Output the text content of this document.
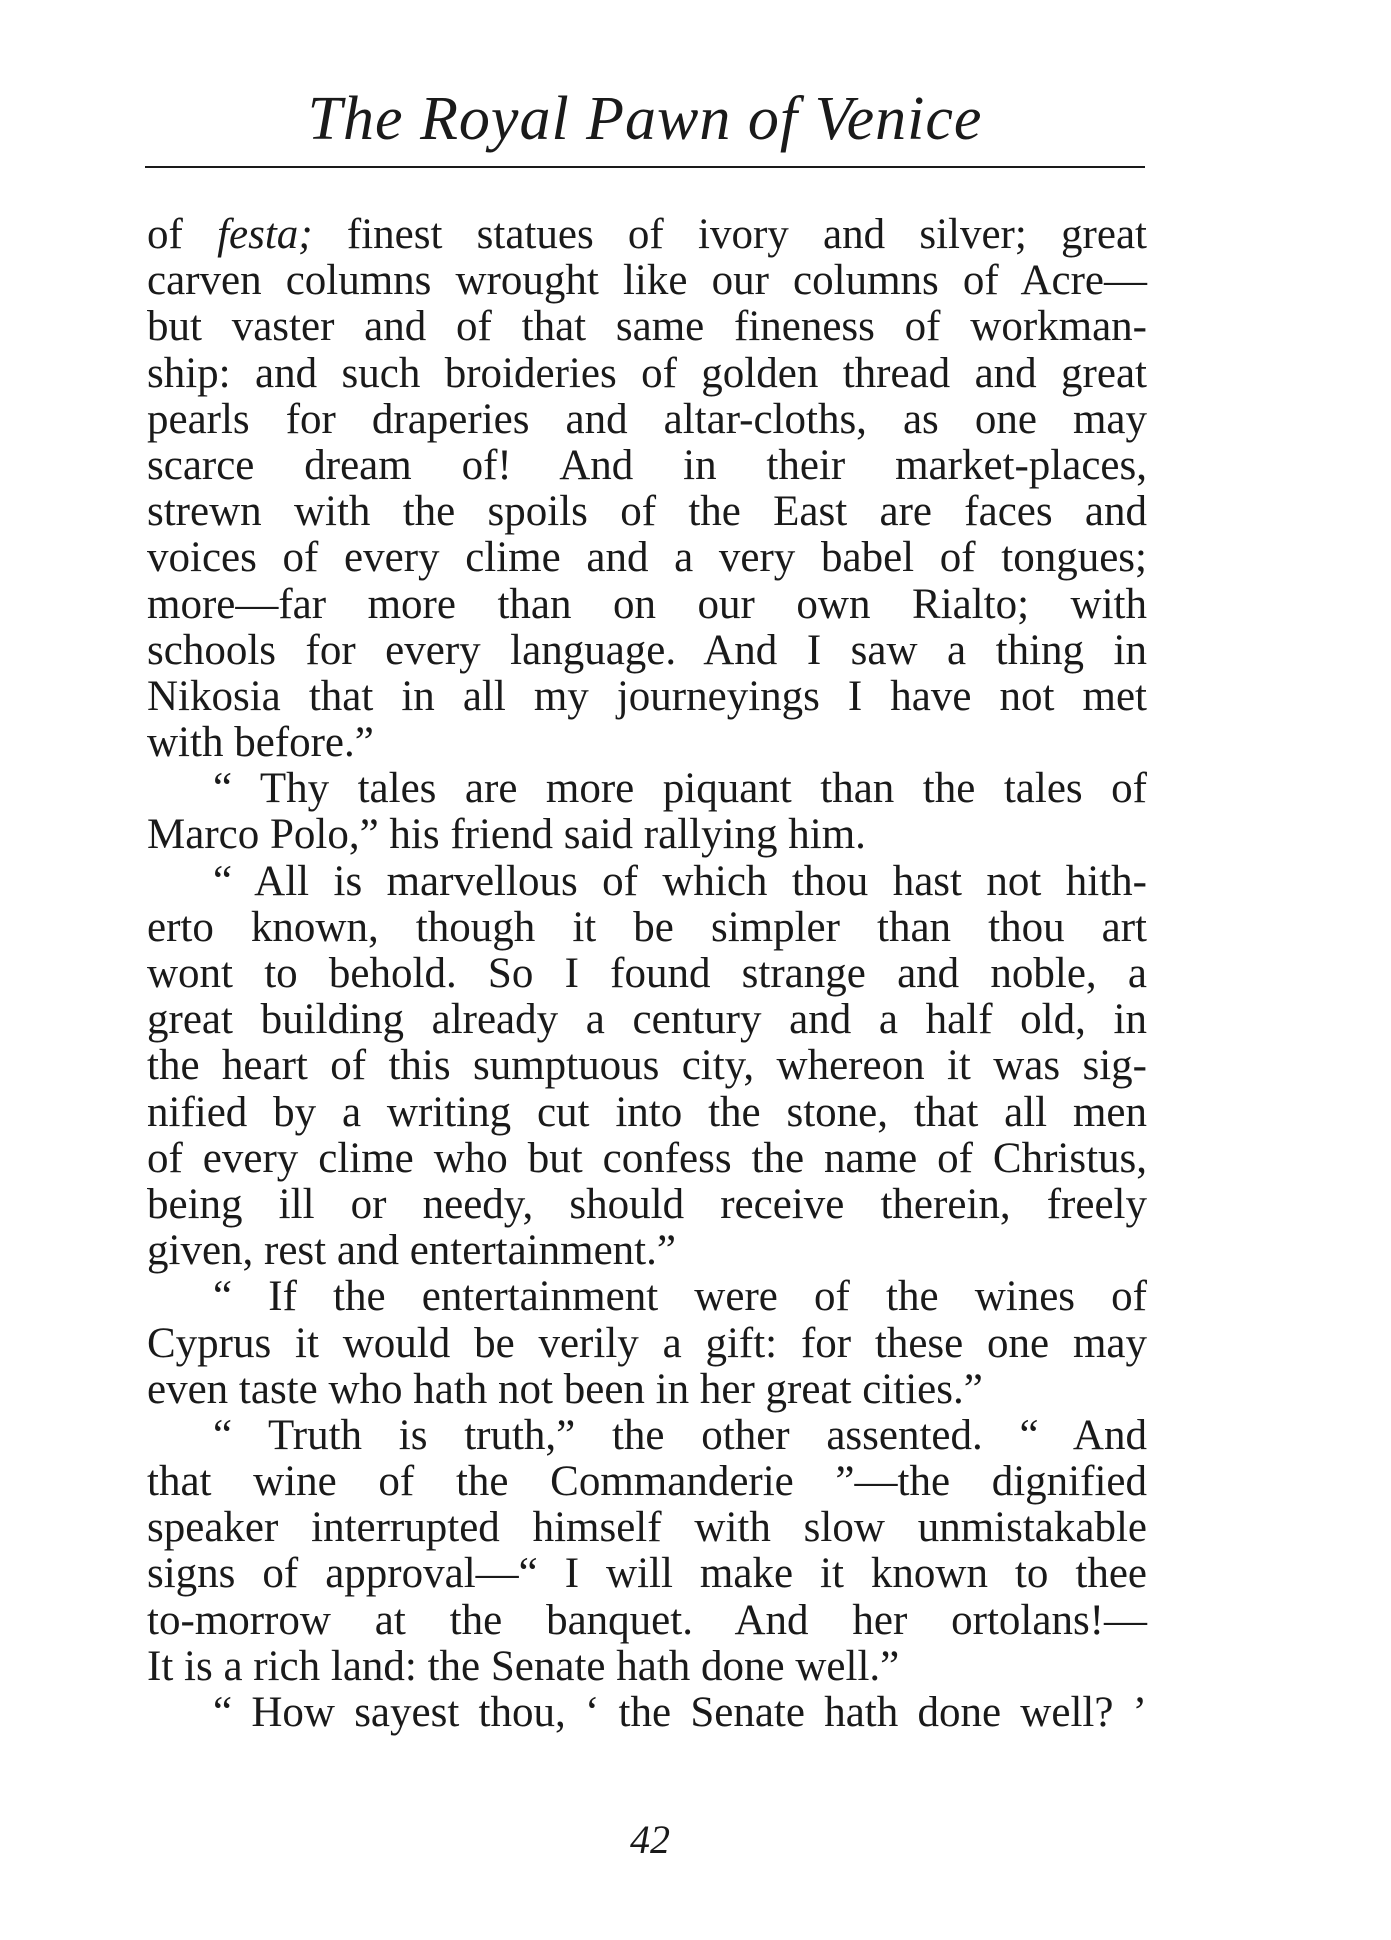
The Royal Pawn of Venice
of festa; finest statues of ivory and silver; great
carven columns wrought like our columns of Acre—
but vaster and of that same fineness of workman-
ship: and such broideries of golden thread and great
pearls for draperies and altar-cloths, as one may
scarce dream of! And in their market-places,
strewn with the spoils of the East are faces and
voices of every clime and a very babel of tongues;
more—far more than on our own Rialto; with
schools for every language. And I saw a thing in
Nikosia that in all my journeyings I have not met
with before.”
“ Thy tales are more piquant than the tales of
Marco Polo,” his friend said rallying him.
“ All is marvellous of which thou hast not hith-
erto known, though it be simpler than thou art
wont to behold. So I found strange and noble, a
great building already a century and a half old, in
the heart of this sumptuous city, whereon it was sig-
nified by a writing cut into the stone, that all men
of every clime who but confess the name of Christus,
being ill or needy, should receive therein, freely
given, rest and entertainment.”
“ If the entertainment were of the wines of
Cyprus it would be verily a gift: for these one may
even taste who hath not been in her great cities.”
“ Truth is truth,” the other assented. “ And
that wine of the Commanderie ”—the dignified
speaker interrupted himself with slow unmistakable
signs of approval—“ I will make it known to thee
to-morrow at the banquet. And her ortolans!—
It is a rich land: the Senate hath done well.”
“ How sayest thou, ‘ the Senate hath done well? ’
42
